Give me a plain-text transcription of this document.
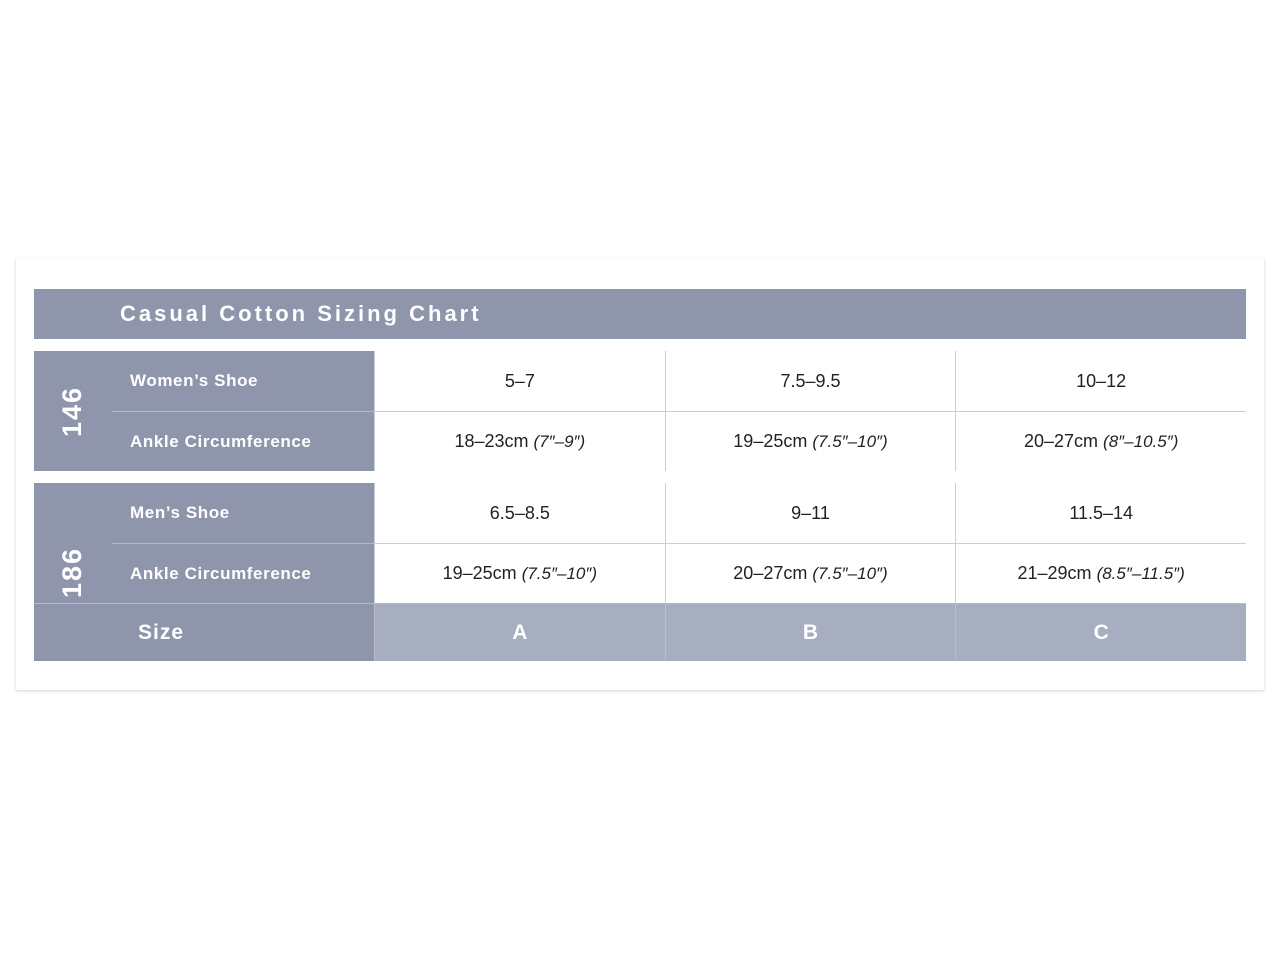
Casual Cotton Sizing Chart
146
Women’s Shoe	5–7	7.5–9.5	10–12
Ankle Circumference	18–23cm (7″–9″)	19–25cm (7.5″–10″)	20–27cm (8″–10.5″)
186
Men’s Shoe	6.5–8.5	9–11	11.5–14
Ankle Circumference	19–25cm (7.5″–10″)	20–27cm (7.5″–10″)	21–29cm (8.5″–11.5″)
Size	A	B	C
